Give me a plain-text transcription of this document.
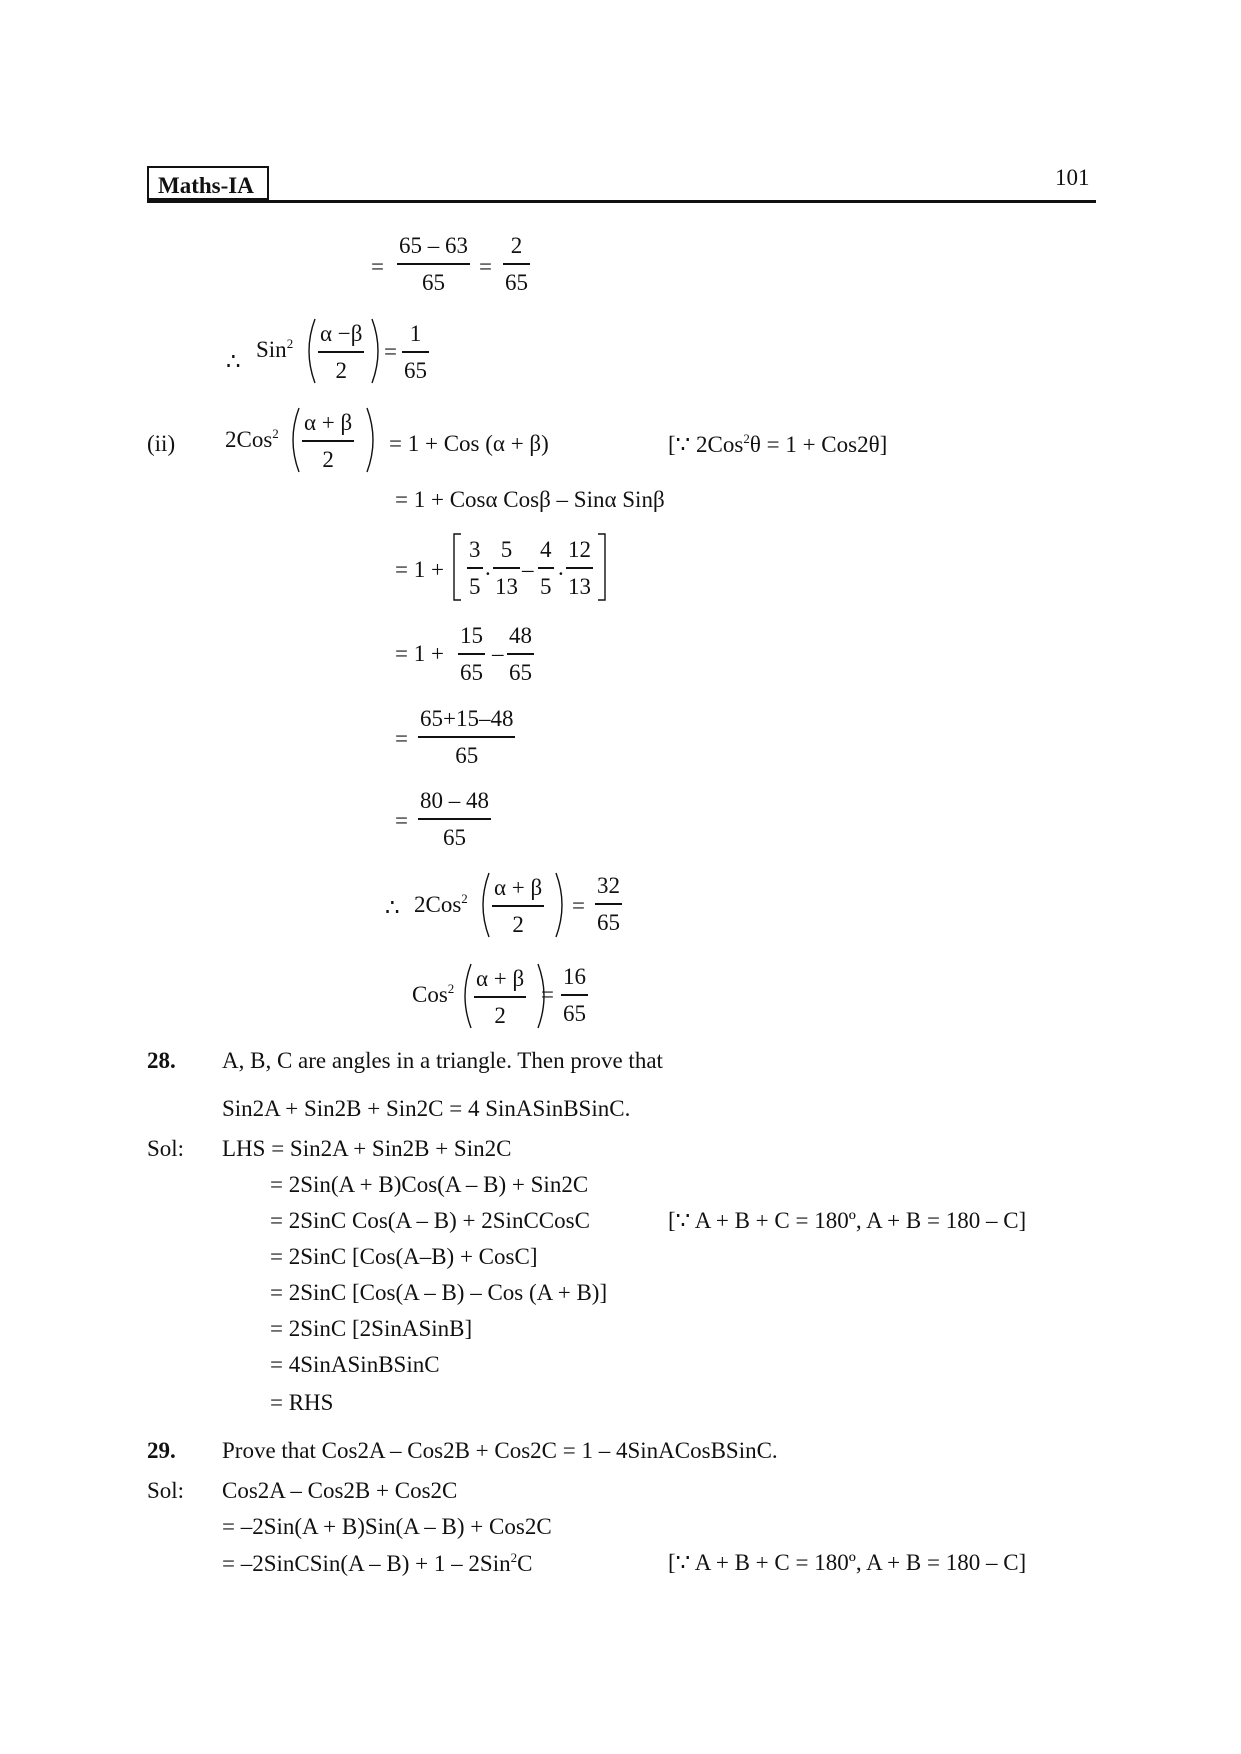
Maths-IA	101
=
65 – 63
65
=
2
65
∴ Sin$^2$ α −β
2
=
1
65
(ii) 2Cos$^2$ α + β
2
= 1 + Cos (α + β)	[∵ 2Cos$^2$θ = 1 + Cos2θ]
= 1 + Cosα Cosβ – Sinα Sinβ
= 1 +
3
5
.
5
13
–
4
5
.
12
13
= 1 +
15
65
–
48
65
=
65+15–48
65
=
80 – 48
65
∴ 2Cos$^2$ α + β
2
=
32
65
Cos$^2$ α + β
2
=
16
65
28. A, B, C are angles in a triangle. Then prove that
Sin2A + Sin2B + Sin2C = 4 SinASinBSinC.
Sol: LHS = Sin2A + Sin2B + Sin2C
= 2Sin(A + B)Cos(A – B) + Sin2C
= 2SinC Cos(A – B) + 2SinCCosC	[∵ A + B + C = 180º, A + B = 180 – C]
= 2SinC [Cos(A–B) + CosC]
= 2SinC [Cos(A – B) – Cos (A + B)]
= 2SinC [2SinASinB]
= 4SinASinBSinC
= RHS
29. Prove that Cos2A – Cos2B + Cos2C = 1 – 4SinACosBSinC.
Sol: Cos2A – Cos2B + Cos2C
= –2Sin(A + B)Sin(A – B) + Cos2C
= –2SinCSin(A – B) + 1 – 2Sin$^2$C	[∵ A + B + C = 180º, A + B = 180 – C]
